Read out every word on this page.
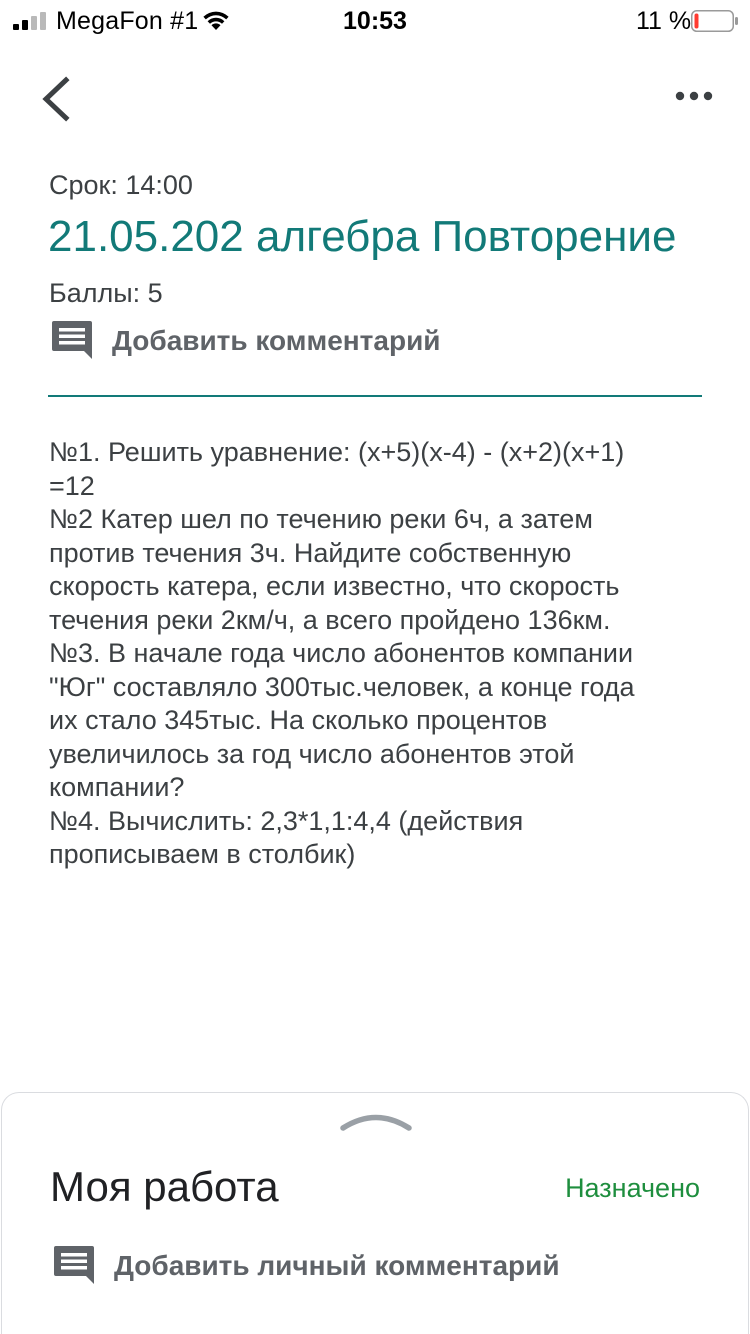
MegaFon #1	10:53	11 %
Срок: 14:00
21.05.202 алгебра Повторение
Баллы: 5
Добавить комментарий

№1. Решить уравнение: (х+5)(х-4) - (х+2)(х+1)

=12

№2 Катер шел по течению реки 6ч, а затем

против течения 3ч. Найдите собственную

скорость катера, если известно, что скорость

течения реки 2км/ч, а всего пройдено 136км.

№3. В начале года число абонентов компании

"Юг" составляло 300тыс.человек, а конце года

их стало 345тыс. На сколько процентов

увеличилось за год число абонентов этой

компании?

№4. Вычислить: 2,3*1,1:4,4 (действия

прописываем в столбик)

Моя работа	Назначено
Добавить личный комментарий
